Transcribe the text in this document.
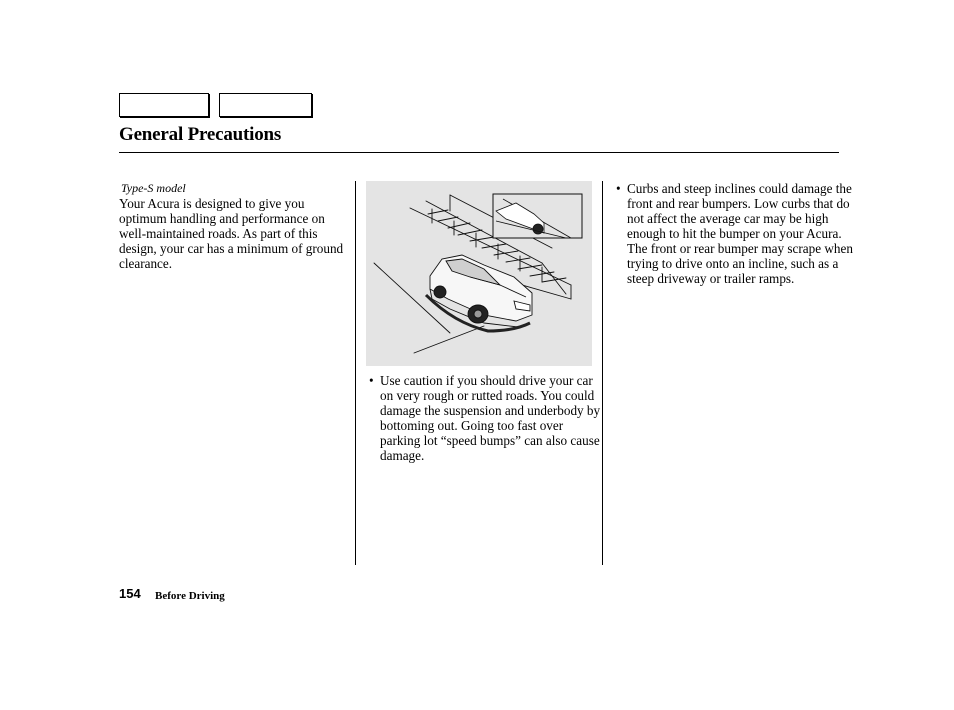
General Precautions
Type-S model
Your Acura is designed to give you optimum handling and performance on well-maintained roads. As part of this design, your car has a minimum of ground clearance.
• Use caution if you should drive your car on very rough or rutted roads. You could damage the suspension and underbody by bottoming out. Going too fast over parking lot “speed bumps” can also cause damage.
• Curbs and steep inclines could damage the front and rear bumpers. Low curbs that do not affect the average car may be high enough to hit the bumper on your Acura. The front or rear bumper may scrape when trying to drive onto an incline, such as a steep driveway or trailer ramps.
154 Before Driving
